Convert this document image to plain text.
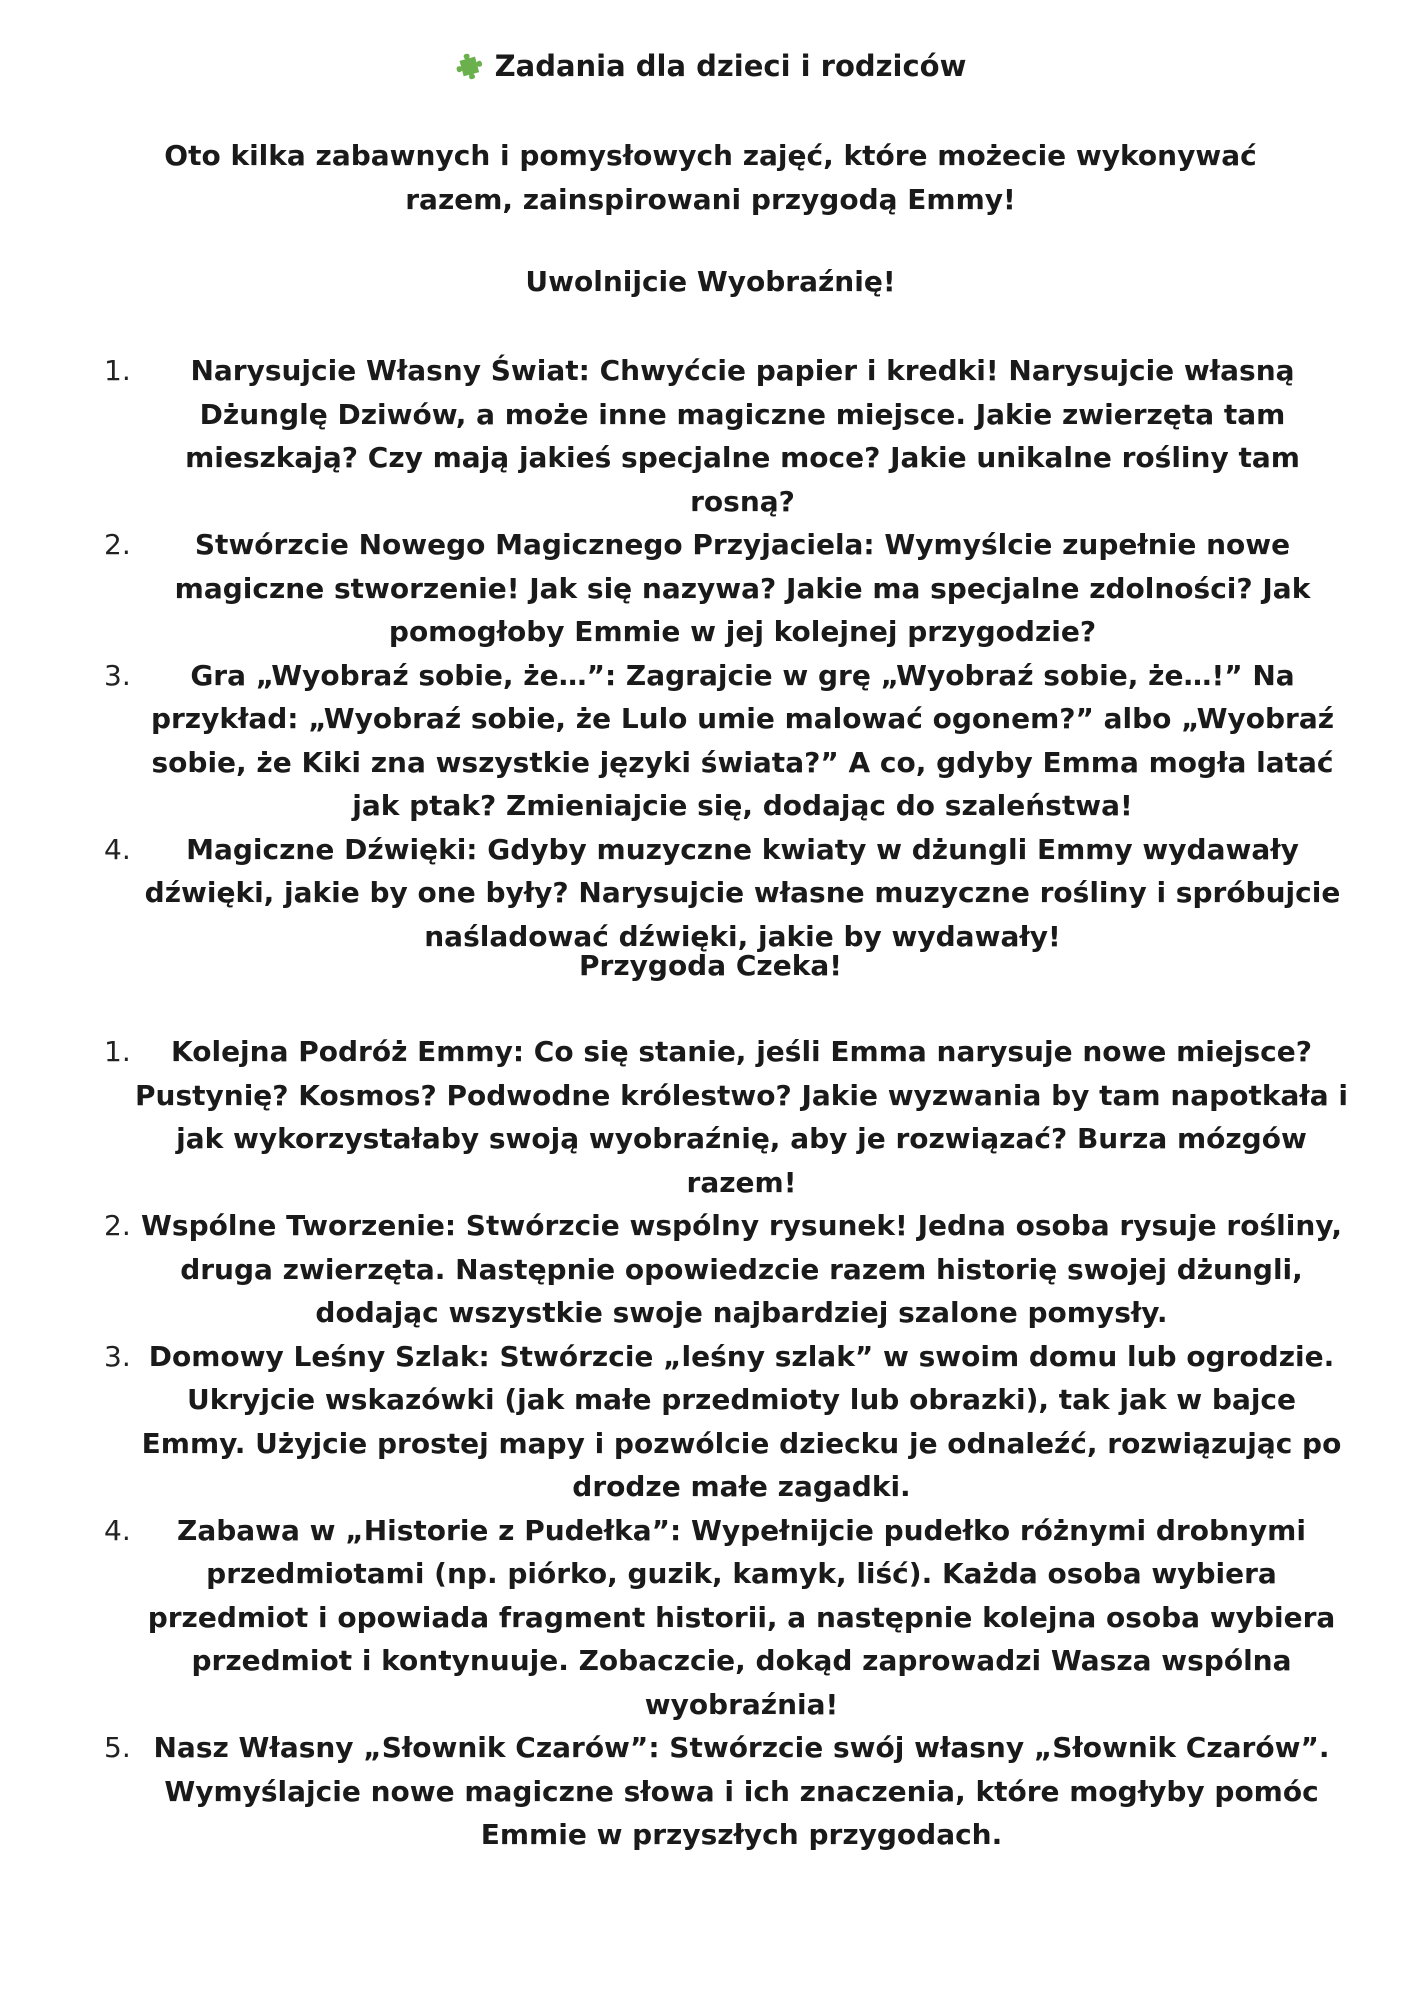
Zadania dla dzieci i rodziców
Oto kilka zabawnych i pomysłowych zajęć, które możecie wykonywać razem, zainspirowani przygodą Emmy!
Uwolnijcie Wyobraźnię!
1.	Narysujcie Własny Świat: Chwyćcie papier i kredki! Narysujcie własną Dżunglę Dziwów, a może inne magiczne miejsce. Jakie zwierzęta tam mieszkają? Czy mają jakieś specjalne moce? Jakie unikalne rośliny tam rosną?
2.	Stwórzcie Nowego Magicznego Przyjaciela: Wymyślcie zupełnie nowe magiczne stworzenie! Jak się nazywa? Jakie ma specjalne zdolności? Jak pomogłoby Emmie w jej kolejnej przygodzie?
3.	Gra „Wyobraź sobie, że…”: Zagrajcie w grę „Wyobraź sobie, że…!” Na przykład: „Wyobraź sobie, że Lulo umie malować ogonem?” albo „Wyobraź sobie, że Kiki zna wszystkie języki świata?” A co, gdyby Emma mogła latać jak ptak? Zmieniajcie się, dodając do szaleństwa!
4.	Magiczne Dźwięki: Gdyby muzyczne kwiaty w dżungli Emmy wydawały dźwięki, jakie by one były? Narysujcie własne muzyczne rośliny i spróbujcie naśladować dźwięki, jakie by wydawały!
Przygoda Czeka!
1.	Kolejna Podróż Emmy: Co się stanie, jeśli Emma narysuje nowe miejsce? Pustynię? Kosmos? Podwodne królestwo? Jakie wyzwania by tam napotkała i jak wykorzystałaby swoją wyobraźnię, aby je rozwiązać? Burza mózgów razem!
2. Wspólne Tworzenie: Stwórzcie wspólny rysunek! Jedna osoba rysuje rośliny, druga zwierzęta. Następnie opowiedzcie razem historię swojej dżungli, dodając wszystkie swoje najbardziej szalone pomysły.
3. Domowy Leśny Szlak: Stwórzcie „leśny szlak” w swoim domu lub ogrodzie. Ukryjcie wskazówki (jak małe przedmioty lub obrazki), tak jak w bajce Emmy. Użyjcie prostej mapy i pozwólcie dziecku je odnaleźć, rozwiązując po drodze małe zagadki.
4.	Zabawa w „Historie z Pudełka”: Wypełnijcie pudełko różnymi drobnymi przedmiotami (np. piórko, guzik, kamyk, liść). Każda osoba wybiera przedmiot i opowiada fragment historii, a następnie kolejna osoba wybiera przedmiot i kontynuuje. Zobaczcie, dokąd zaprowadzi Wasza wspólna wyobraźnia!
5. Nasz Własny „Słownik Czarów”: Stwórzcie swój własny „Słownik Czarów”. Wymyślajcie nowe magiczne słowa i ich znaczenia, które mogłyby pomóc Emmie w przyszłych przygodach.
